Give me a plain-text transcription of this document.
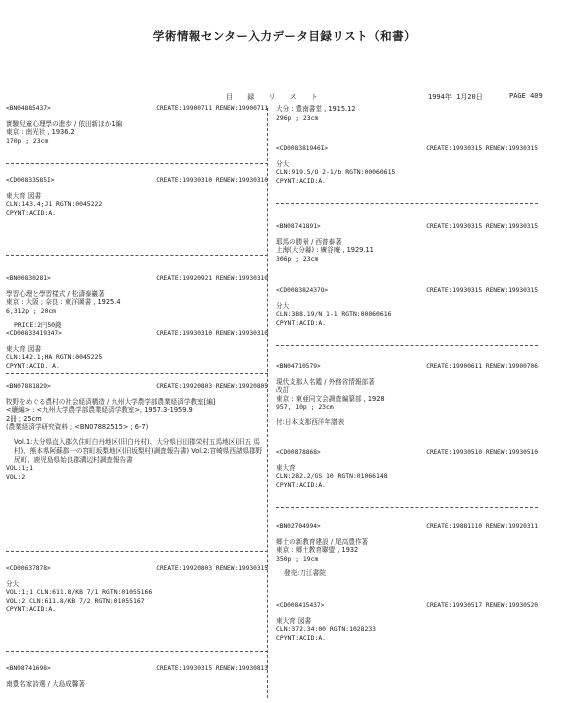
学術情報センター入力データ目録リスト（和書）
目 録 リ ス ト	1994年 1月20日	PAGE 409
<BN04885437>	CREATE:19900711 RENEW:19900711
實驗兒童心理學の進步 / 依田新ほか1編
東京 : 南光社 , 1936.2
170p ; 23cm
<CD00833585I>	CREATE:19930310 RENEW:19930310
東大育 図書
CLN:143.4;J1 RGTN:0045222
CPYNT:ACID:A.
<BN00830281>	CREATE:19920921 RENEW:19930310
學習心理と學習樣式 / 松濤泰巖著
東京 : 大阪 ; 奈良 : 東洋圖書 , 1925.4
6,312p ; 20cm
PRICE:2円50錢
<CD00833419347>	CREATE:19930310 RENEW:19930310
東大育 図書
CLN:142.1;HA RGTN:0045225
CPYNT:ACID. A.
<BN07881829>	CREATE:19920803 RENEW:19920805
牧野をめぐる農村の社会経済構造 / 九州大学農学部農業経済学教室[編]
<續編> : <九州大学農学部農業経済学教室>, 1957.3-1959.9
2冊 ; 25cm
(農業経済学研究資料 ; <BN07882515> ; 6-7)
Vol.1:大分県直入郡久住町白丹地区(旧白丹村)、大分県日田郡栄村五馬地区(旧五 馬村)、熊本県阿蘇郡一の宮町坂梨地区(旧坂梨村)調査報告書) Vol.2:宮崎県西諸県郡野尻町、鹿児島県始良郡溝辺村調査報告書
VOL:1;1
VOL:2
<CD00637878>	CREATE:19920803 RENEW:19930315
分大
VOL:1;1 CLN:611.8/KB 7/1 RGTN:01055166
VOL:2 CLN:611.8/KB 7/2 RGTN:01055167
CPYNT:ACID:A.
<BN08741698>	CREATE:19930315 RENEW:19930813
南豊名家詩選 / 大島成馨著
大分 : 豊南書堂 , 1915.12
296p ; 23cm
<CD008381946I>	CREATE:19930315 RENEW:19930315
分大
CLN:919.5/O 2-1/b RGTN:00060615
CPYNT:ACID:A.
<BN08741891>	CREATE:19930315 RENEW:19930315
耶馬の勝景 / 西普泰著
上海(大分縣) : 廣谷庵 , 1929.11
306p ; 23cm
<CD008382437O>	CREATE:19930315 RENEW:19930315
分大
CLN:388.19/N 1-1 RGTN:00060616
CPYNT:ACID:A.
<BN04710579>	CREATE:19900611 RENEW:19900706
現代支那人名鑑 / 外務省情報部著
改訂
東京 : 東亜同文会調査編纂部 , 1928
957, 10p ; 23cm
付:日本支那西洋年譜表
<CD00878868>	CREATE:19930510 RENEW:19930510
東大育
CLN:282.2/GS 10 RGTN:01066148
CPYNT:ACID:A.
<BN02704994>	CREATE:19881110 RENEW:19920311
郷土の新教育建設 / 尾高豊作著
東京 : 郷土教育聯盟 , 1932
350p ; 19cm
發売:刀江書院
<CD008415437>	CREATE:19930517 RENEW:19930520
東大育 図書
CLN:372.34:00 RGTN:1028233
CPYNT:ACID:A.
